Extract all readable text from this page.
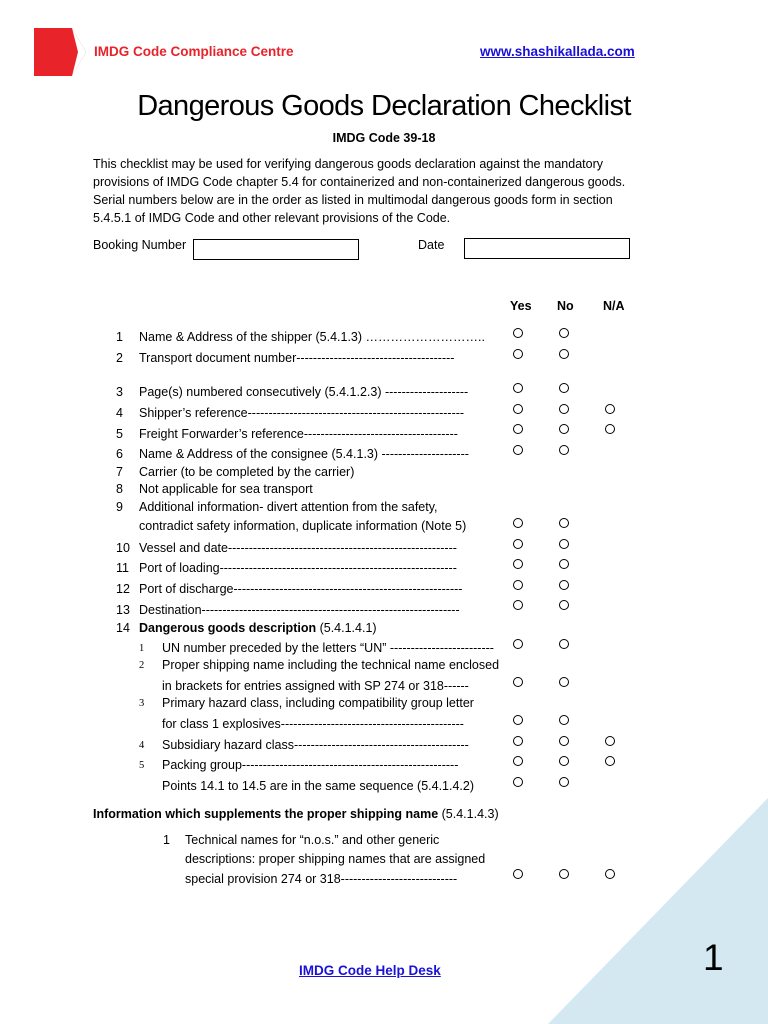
IMDG Code Compliance Centre	www.shashikallada.com
Dangerous Goods Declaration Checklist
IMDG Code 39-18
This checklist may be used for verifying dangerous goods declaration against the mandatory
provisions of IMDG Code chapter 5.4 for containerized and non-containerized dangerous goods.
Serial numbers below are in the order as listed in multimodal dangerous goods form in section
5.4.5.1 of IMDG Code and other relevant provisions of the Code.
Booking Number	Date
Yes No N/A
1 Name & Address of the shipper (5.4.1.3) ………………………..
2 Transport document number--------------------------------------
3 Page(s) numbered consecutively (5.4.1.2.3) --------------------
4 Shipper’s reference----------------------------------------------------
5 Freight Forwarder’s reference-------------------------------------
6 Name & Address of the consignee (5.4.1.3) ---------------------
7 Carrier (to be completed by the carrier)
8 Not applicable for sea transport
9 Additional information- divert attention from the safety,
contradict safety information, duplicate information (Note 5)
10 Vessel and date-------------------------------------------------------
11 Port of loading---------------------------------------------------------
12 Port of discharge-------------------------------------------------------
13 Destination--------------------------------------------------------------
14 Dangerous goods description (5.4.1.4.1)
1 UN number preceded by the letters “UN” -------------------------
2 Proper shipping name including the technical name enclosed
in brackets for entries assigned with SP 274 or 318------
3 Primary hazard class, including compatibility group letter
for class 1 explosives--------------------------------------------
4 Subsidiary hazard class------------------------------------------
5 Packing group----------------------------------------------------
Points 14.1 to 14.5 are in the same sequence (5.4.1.4.2)
Information which supplements the proper shipping name (5.4.1.4.3)
1 Technical names for “n.o.s.” and other generic
descriptions: proper shipping names that are assigned
special provision 274 or 318----------------------------
IMDG Code Help Desk	1
